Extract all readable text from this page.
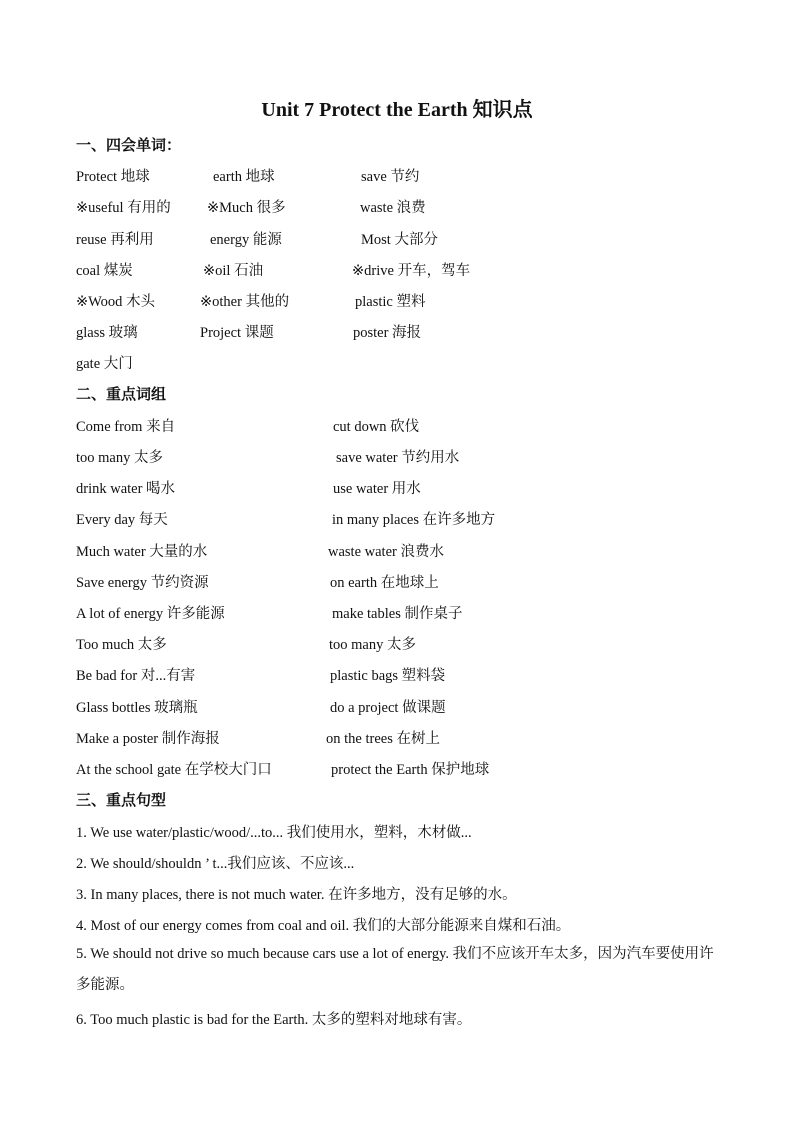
Unit 7 Protect the Earth 知识点
一、四会单词：
Protect 地球	earth 地球	save 节约
※useful 有用的	※Much 很多	waste 浪费
reuse 再利用	energy 能源	Most 大部分
coal 煤炭	※oil 石油	※drive 开车，驾车
※Wood 木头	※other 其他的	plastic 塑料
glass 玻璃	Project 课题	poster 海报
gate 大门
二、重点词组
Come from 来自	cut down 砍伐
too many 太多	save water 节约用水
drink water 喝水	use water 用水
Every day 每天	in many places 在许多地方
Much water 大量的水	waste water 浪费水
Save energy 节约资源	on earth 在地球上
A lot of energy 许多能源	make tables 制作桌子
Too much 太多	too many 太多
Be bad for 对...有害	plastic bags 塑料袋
Glass bottles 玻璃瓶	do a project 做课题
Make a poster 制作海报	on the trees 在树上
At the school gate 在学校大门口	protect the Earth 保护地球
三、重点句型
1. We use water/plastic/wood/...to... 我们使用水，塑料，木材做...
2. We should/shouldn ’ t...我们应该、不应该...
3. In many places, there is not much water. 在许多地方，没有足够的水。
4. Most of our energy comes from coal and oil. 我们的大部分能源来自煤和石油。
5. We should not drive so much because cars use a lot of energy. 我们不应该开车太多，因为汽车要使用许多能源。
6. Too much plastic is bad for the Earth. 太多的塑料对地球有害。
